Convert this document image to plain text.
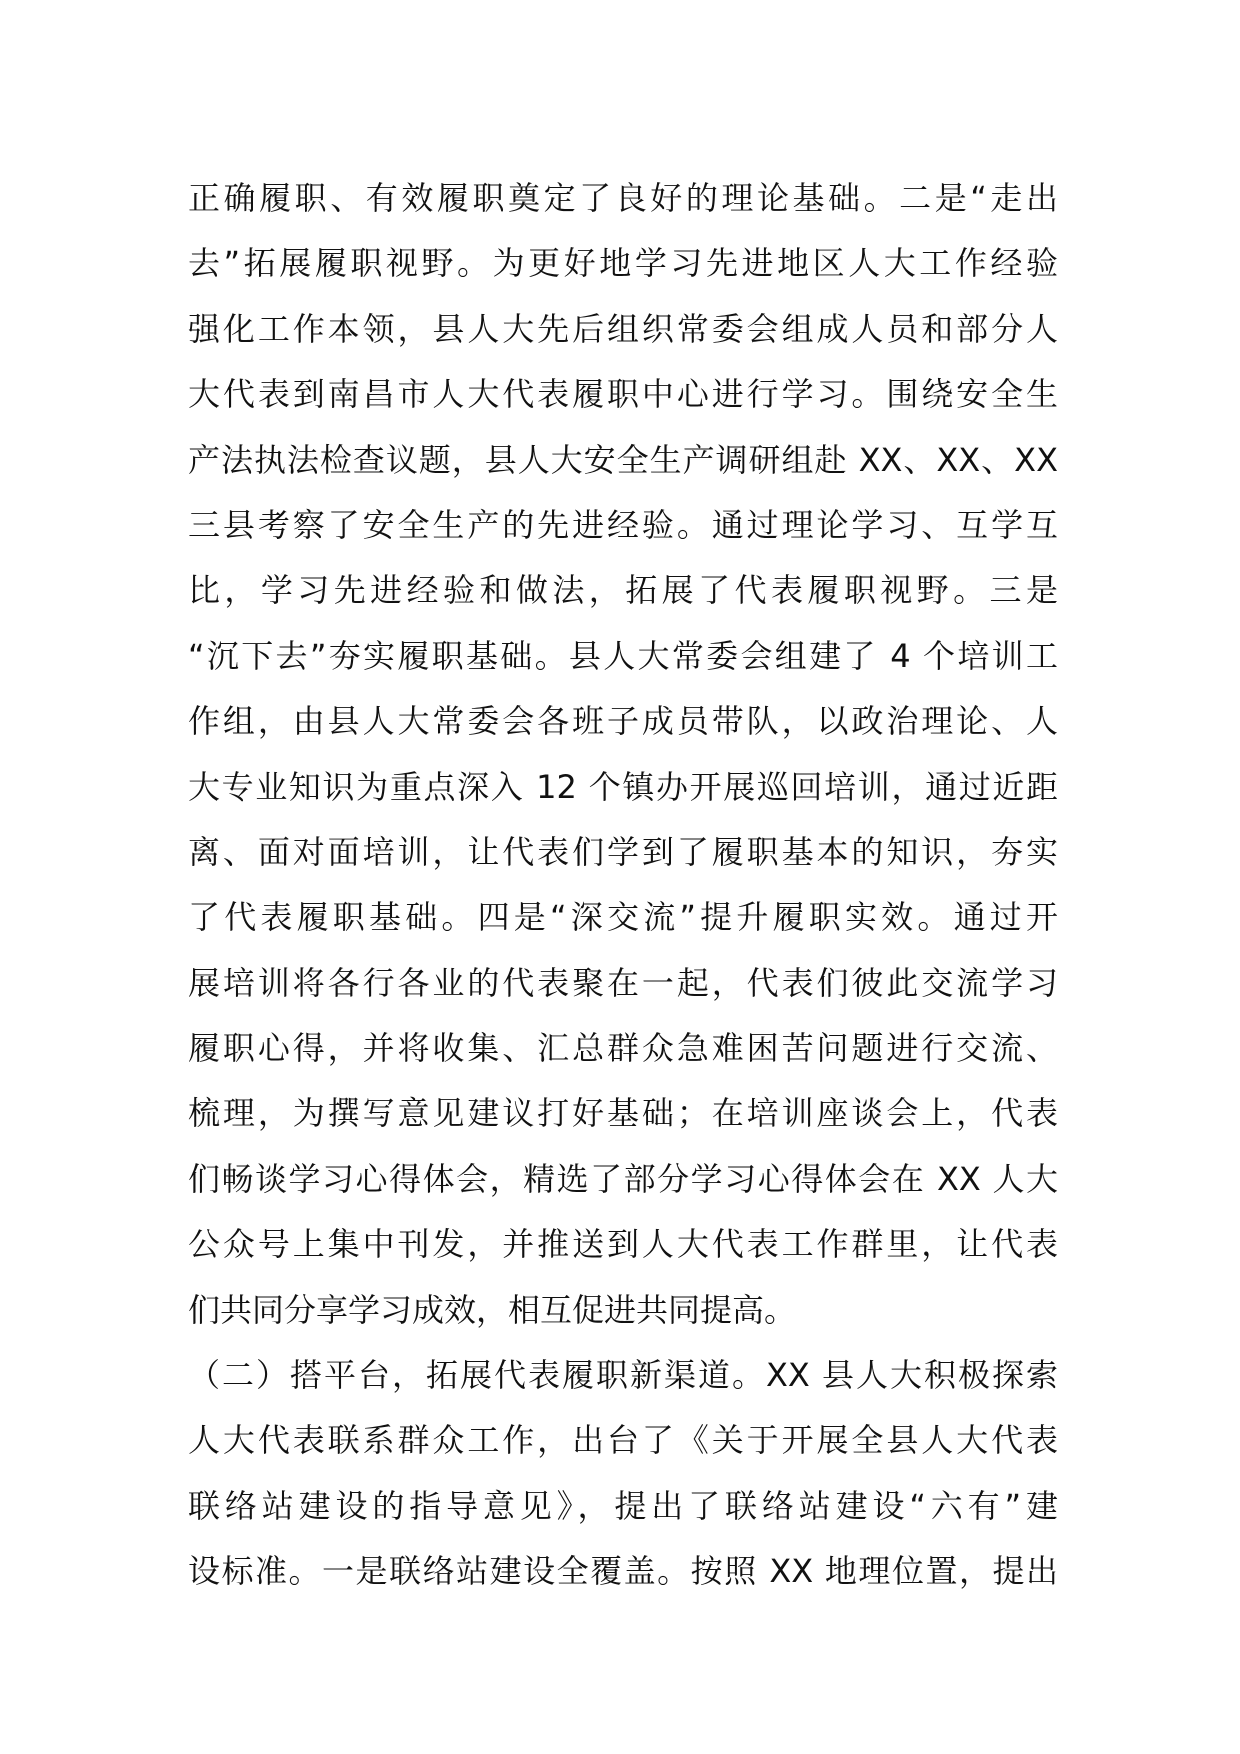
正确履职、有效履职奠定了良好的理论基础。二是“走出
去”拓展履职视野。为更好地学习先进地区人大工作经验
强化工作本领，县人大先后组织常委会组成人员和部分人
大代表到南昌市人大代表履职中心进行学习。围绕安全生
产法执法检查议题，县人大安全生产调研组赴 XX、XX、XX
三县考察了安全生产的先进经验。通过理论学习、互学互
比，学习先进经验和做法，拓展了代表履职视野。三是
“沉下去”夯实履职基础。县人大常委会组建了 4 个培训工
作组，由县人大常委会各班子成员带队，以政治理论、人
大专业知识为重点深入 12 个镇办开展巡回培训，通过近距
离、面对面培训，让代表们学到了履职基本的知识，夯实
了代表履职基础。四是“深交流”提升履职实效。通过开
展培训将各行各业的代表聚在一起，代表们彼此交流学习
履职心得，并将收集、汇总群众急难困苦问题进行交流、
梳理，为撰写意见建议打好基础；在培训座谈会上，代表
们畅谈学习心得体会，精选了部分学习心得体会在 XX 人大
公众号上集中刊发，并推送到人大代表工作群里，让代表
们共同分享学习成效，相互促进共同提高。
（二）搭平台，拓展代表履职新渠道。XX 县人大积极探索
人大代表联系群众工作，出台了《关于开展全县人大代表
联络站建设的指导意见》，提出了联络站建设“六有”建
设标准。一是联络站建设全覆盖。按照 XX 地理位置，提出
